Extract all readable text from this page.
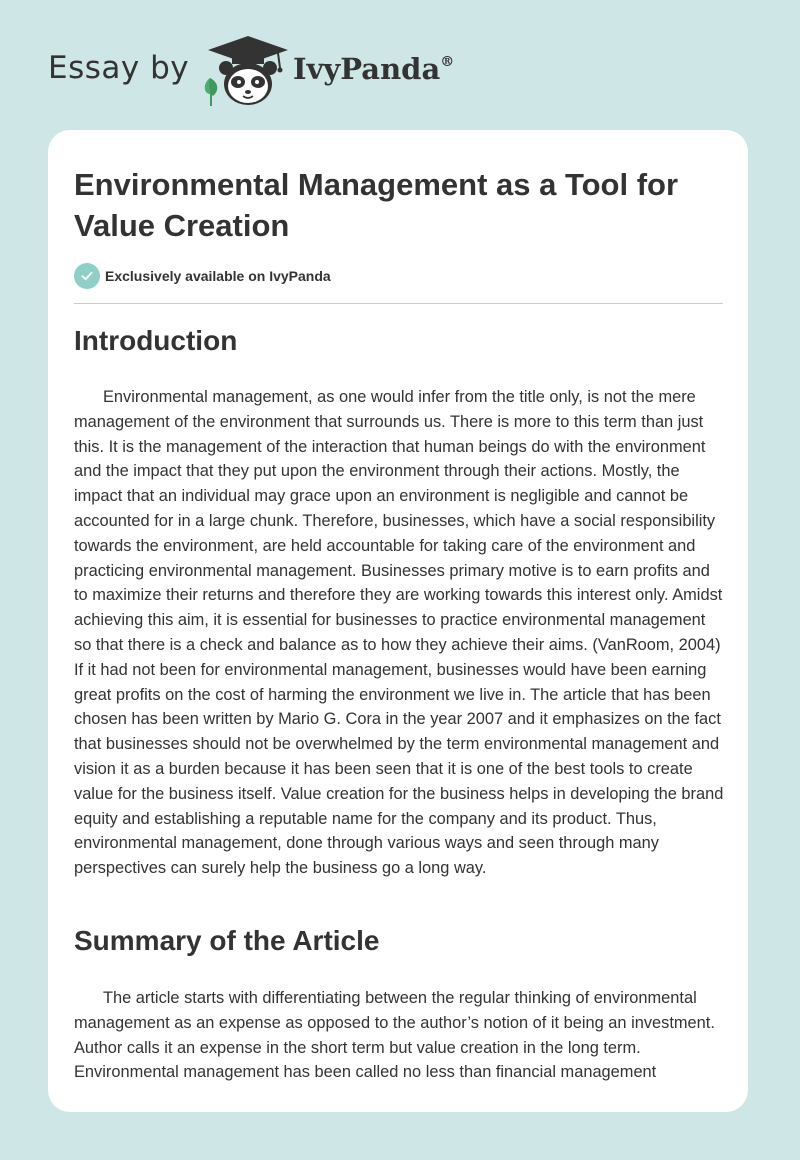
Essay by	IvyPanda®
Environmental Management as a Tool for Value Creation
Exclusively available on IvyPanda
Introduction

Environmental management, as one would infer from the title only, is not the mere management of the environment that surrounds us. There is more to this term than just this. It is the management of the interaction that human beings do with the environment and the impact that they put upon the environment through their actions. Mostly, the impact that an individual may grace upon an environment is negligible and cannot be accounted for in a large chunk. Therefore, businesses, which have a social responsibility towards the environment, are held accountable for taking care of the environment and practicing environmental management. Businesses primary motive is to earn profits and to maximize their returns and therefore they are working towards this interest only. Amidst achieving this aim, it is essential for businesses to practice environmental management so that there is a check and balance as to how they achieve their aims. (VanRoom, 2004) If it had not been for environmental management, businesses would have been earning great profits on the cost of harming the environment we live in. The article that has been chosen has been written by Mario G. Cora in the year 2007 and it emphasizes on the fact that businesses should not be overwhelmed by the term environmental management and vision it as a burden because it has been seen that it is one of the best tools to create value for the business itself. Value creation for the business helps in developing the brand equity and establishing a reputable name for the company and its product. Thus, environmental management, done through various ways and seen through many perspectives can surely help the business go a long way.

Summary of the Article

The article starts with differentiating between the regular thinking of environmental management as an expense as opposed to the author’s notion of it being an investment. Author calls it an expense in the short term but value creation in the long term. Environmental management has been called no less than financial management
